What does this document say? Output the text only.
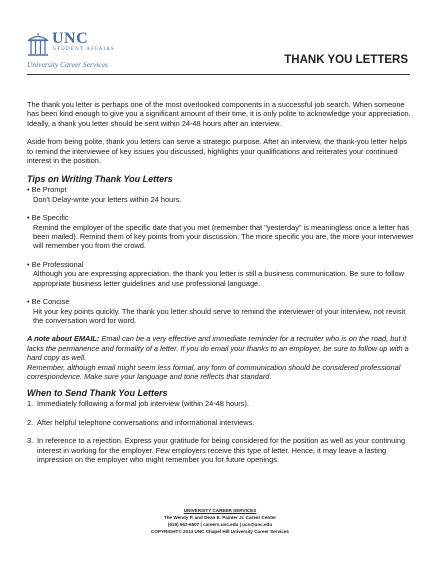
UNC
STUDENT AFFAIRS
University Career Services	THANK YOU LETTERS

The thank you letter is perhaps one of the most overlooked components in a successful job search. When someone has been kind enough to give you a significant amount of their time, it is only polite to acknowledge your appreciation. Ideally, a thank you letter should be sent within 24-48 hours after an interview.

Aside from being polite, thank you letters can serve a strategic purpose. After an interview, the thank-you letter helps to remind the interviewee of key issues you discussed, highlights your qualifications and reiterates your continued interest in the position.

Tips on Writing Thank You Letters
• Be Prompt
Don't Delay-write your letters within 24 hours.
• Be Specific
Remind the employer of the specific date that you met (remember that "yesterday" is meaningless once a letter has been mailed). Remind them of key points from your discussion. The more specific you are, the more your interviewer will remember you from the crowd.
• Be Professional
Although you are expressing appreciation, the thank you letter is still a business communication. Be sure to follow appropriate business letter guidelines and use professional language.
• Be Concise
Hit your key points quickly. The thank you letter should serve to remind the interviewer of your interview, not revisit the conversation word for word.
A note about EMAIL: Email can be a very effective and immediate reminder for a recruiter who is on the road, but it lacks the permanence and formality of a letter. If you do email your thanks to an employer, be sure to follow up with a hard copy as well.
Remember, although email might seem less formal, any form of communication should be considered professional correspondence. Make sure your language and tone reflects that standard.
When to Send Thank You Letters
1. Immediately following a formal job interview (within 24-48 hours).
2. After helpful telephone conversations and informational interviews.
3. In reference to a rejection. Express your gratitude for being considered for the position as well as your continuing interest in working for the employer. Few employers receive this type of letter. Hence, it may leave a lasting impression on the employer who might remember you for future openings.
UNIVERSITY CAREER SERVICES
The Wendy P. and Dean E. Painter Jr. Career Center
(919) 962-6507 | careers.unc.edu | ucs@unc.edu
COPYRIGHT© 2013 UNC Chapel Hill University Career Services
